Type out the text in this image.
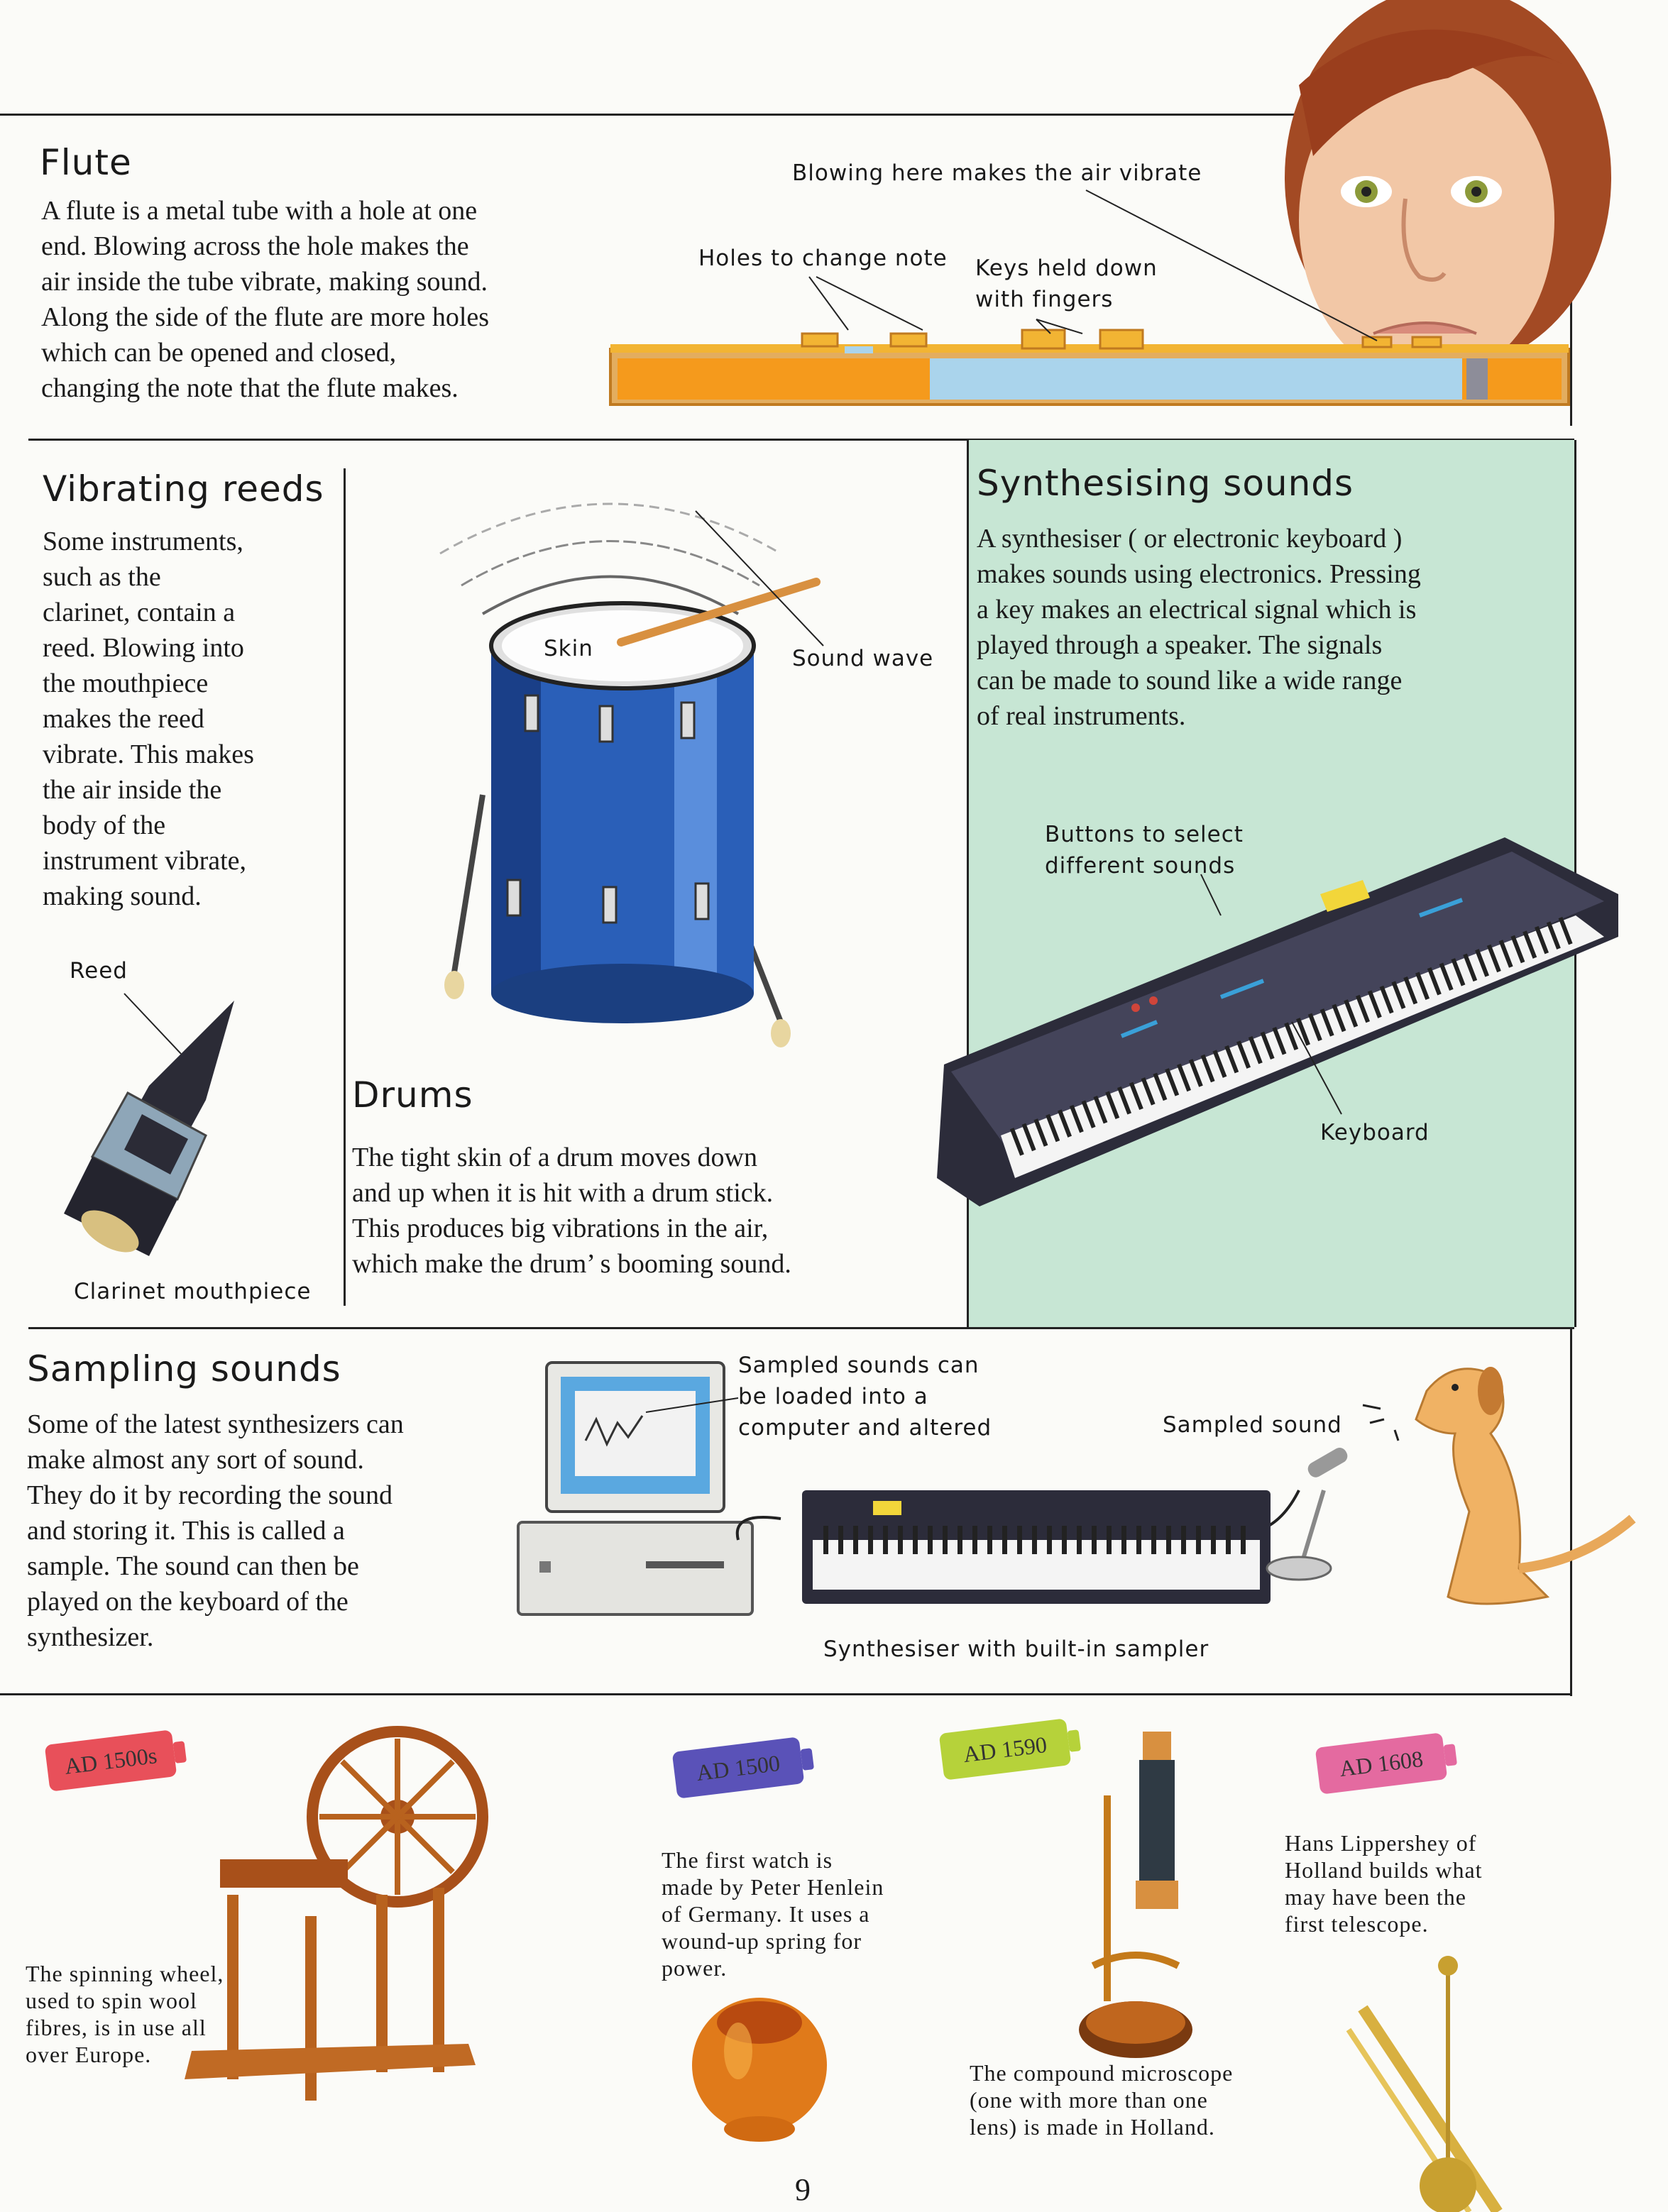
Flute
A flute is a metal tube with a hole at one
end. Blowing across the hole makes the
air inside the tube vibrate, making sound.
Along the side of the flute are more holes
which can be opened and closed,
changing the note that the flute makes.
Blowing here makes the air vibrate
Holes to change note Keys held down
with fingers
Vibrating reeds
Some instruments,
such as the
clarinet, contain a
reed. Blowing into
the mouthpiece
makes the reed
vibrate. This makes
the air inside the
body of the
instrument vibrate,
making sound.
Reed
Clarinet mouthpiece
Skin	Sound wave
Drums
The tight skin of a drum moves down
and up when it is hit with a drum stick.
This produces big vibrations in the air,
which make the drum’ s booming sound.
Synthesising sounds
A synthesiser ( or electronic keyboard )
makes sounds using electronics. Pressing
a key makes an electrical signal which is
played through a speaker. The signals
can be made to sound like a wide range
of real instruments.
Buttons to select
different sounds
Keyboard
Sampling sounds
Some of the latest synthesizers can
make almost any sort of sound.
They do it by recording the sound
and storing it. This is called a
sample. The sound can then be
played on the keyboard of the
synthesizer.
Sampled sounds can
be loaded into a
computer and altered	Sampled sound
Synthesiser with built-in sampler
AD 1500s
The spinning wheel,
used to spin wool
fibres, is in use all
over Europe.
AD 1500
The first watch is
made by Peter Henlein
of Germany. It uses a
wound-up spring for
power.
AD 1590
The compound microscope
(one with more than one
lens) is made in Holland.
AD 1608
Hans Lippershey of
Holland builds what
may have been the
first telescope.
9
